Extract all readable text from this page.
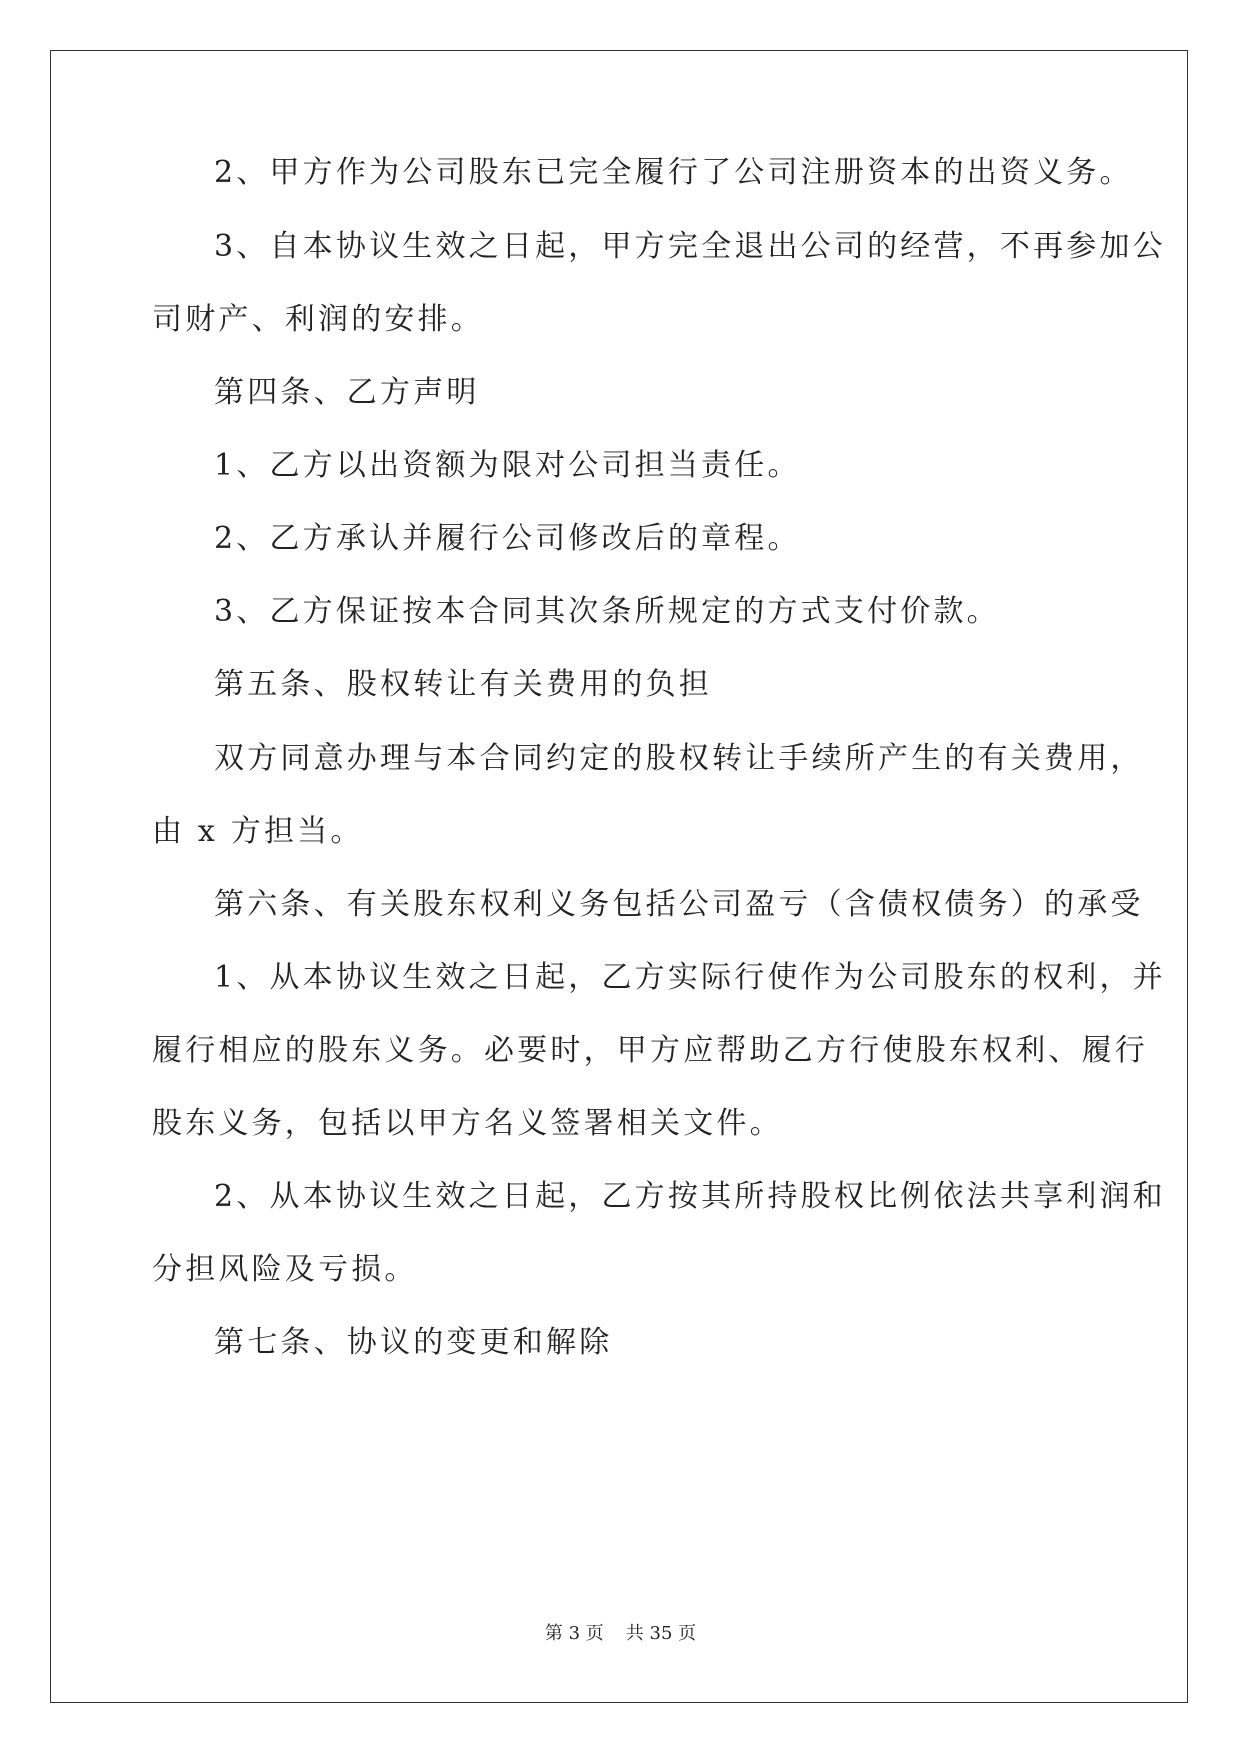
2、甲方作为公司股东已完全履行了公司注册资本的出资义务。
3、自本协议生效之日起，甲方完全退出公司的经营，不再参加公
司财产、利润的安排。
第四条、乙方声明
1、乙方以出资额为限对公司担当责任。
2、乙方承认并履行公司修改后的章程。
3、乙方保证按本合同其次条所规定的方式支付价款。
第五条、股权转让有关费用的负担
双方同意办理与本合同约定的股权转让手续所产生的有关费用，
由 x 方担当。
第六条、有关股东权利义务包括公司盈亏（含债权债务）的承受
1、从本协议生效之日起，乙方实际行使作为公司股东的权利，并
履行相应的股东义务。必要时，甲方应帮助乙方行使股东权利、履行
股东义务，包括以甲方名义签署相关文件。
2、从本协议生效之日起，乙方按其所持股权比例依法共享利润和
分担风险及亏损。
第七条、协议的变更和解除
第 3 页 共 35 页
